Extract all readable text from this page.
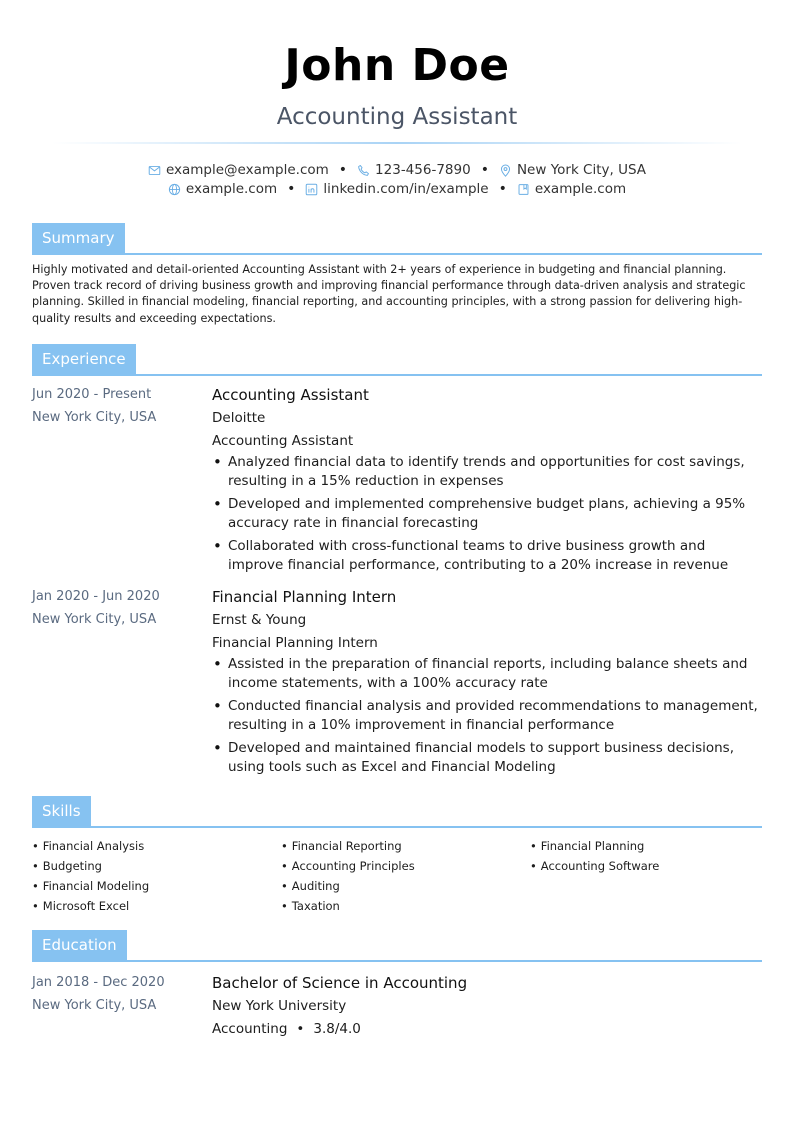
John Doe
Accounting Assistant
example@example.com • 123-456-7890 • New York City, USA
example.com • linkedin.com/in/example • example.com
Summary
Highly motivated and detail-oriented Accounting Assistant with 2+ years of experience in budgeting and financial planning. Proven track record of driving business growth and improving financial performance through data-driven analysis and strategic planning. Skilled in financial modeling, financial reporting, and accounting principles, with a strong passion for delivering high-quality results and exceeding expectations.
Experience
Jun 2020 - Present
New York City, USA
Accounting Assistant
Deloitte
Accounting Assistant
• Analyzed financial data to identify trends and opportunities for cost savings, resulting in a 15% reduction in expenses
• Developed and implemented comprehensive budget plans, achieving a 95% accuracy rate in financial forecasting
• Collaborated with cross-functional teams to drive business growth and improve financial performance, contributing to a 20% increase in revenue
Jan 2020 - Jun 2020
New York City, USA
Financial Planning Intern
Ernst & Young
Financial Planning Intern
• Assisted in the preparation of financial reports, including balance sheets and income statements, with a 100% accuracy rate
• Conducted financial analysis and provided recommendations to management, resulting in a 10% improvement in financial performance
• Developed and maintained financial models to support business decisions, using tools such as Excel and Financial Modeling
Skills
• Financial Analysis	• Financial Reporting	• Financial Planning
• Budgeting	• Accounting Principles	• Accounting Software
• Financial Modeling	• Auditing
• Microsoft Excel	• Taxation
Education
Jan 2018 - Dec 2020
New York City, USA
Bachelor of Science in Accounting
New York University
Accounting • 3.8/4.0
